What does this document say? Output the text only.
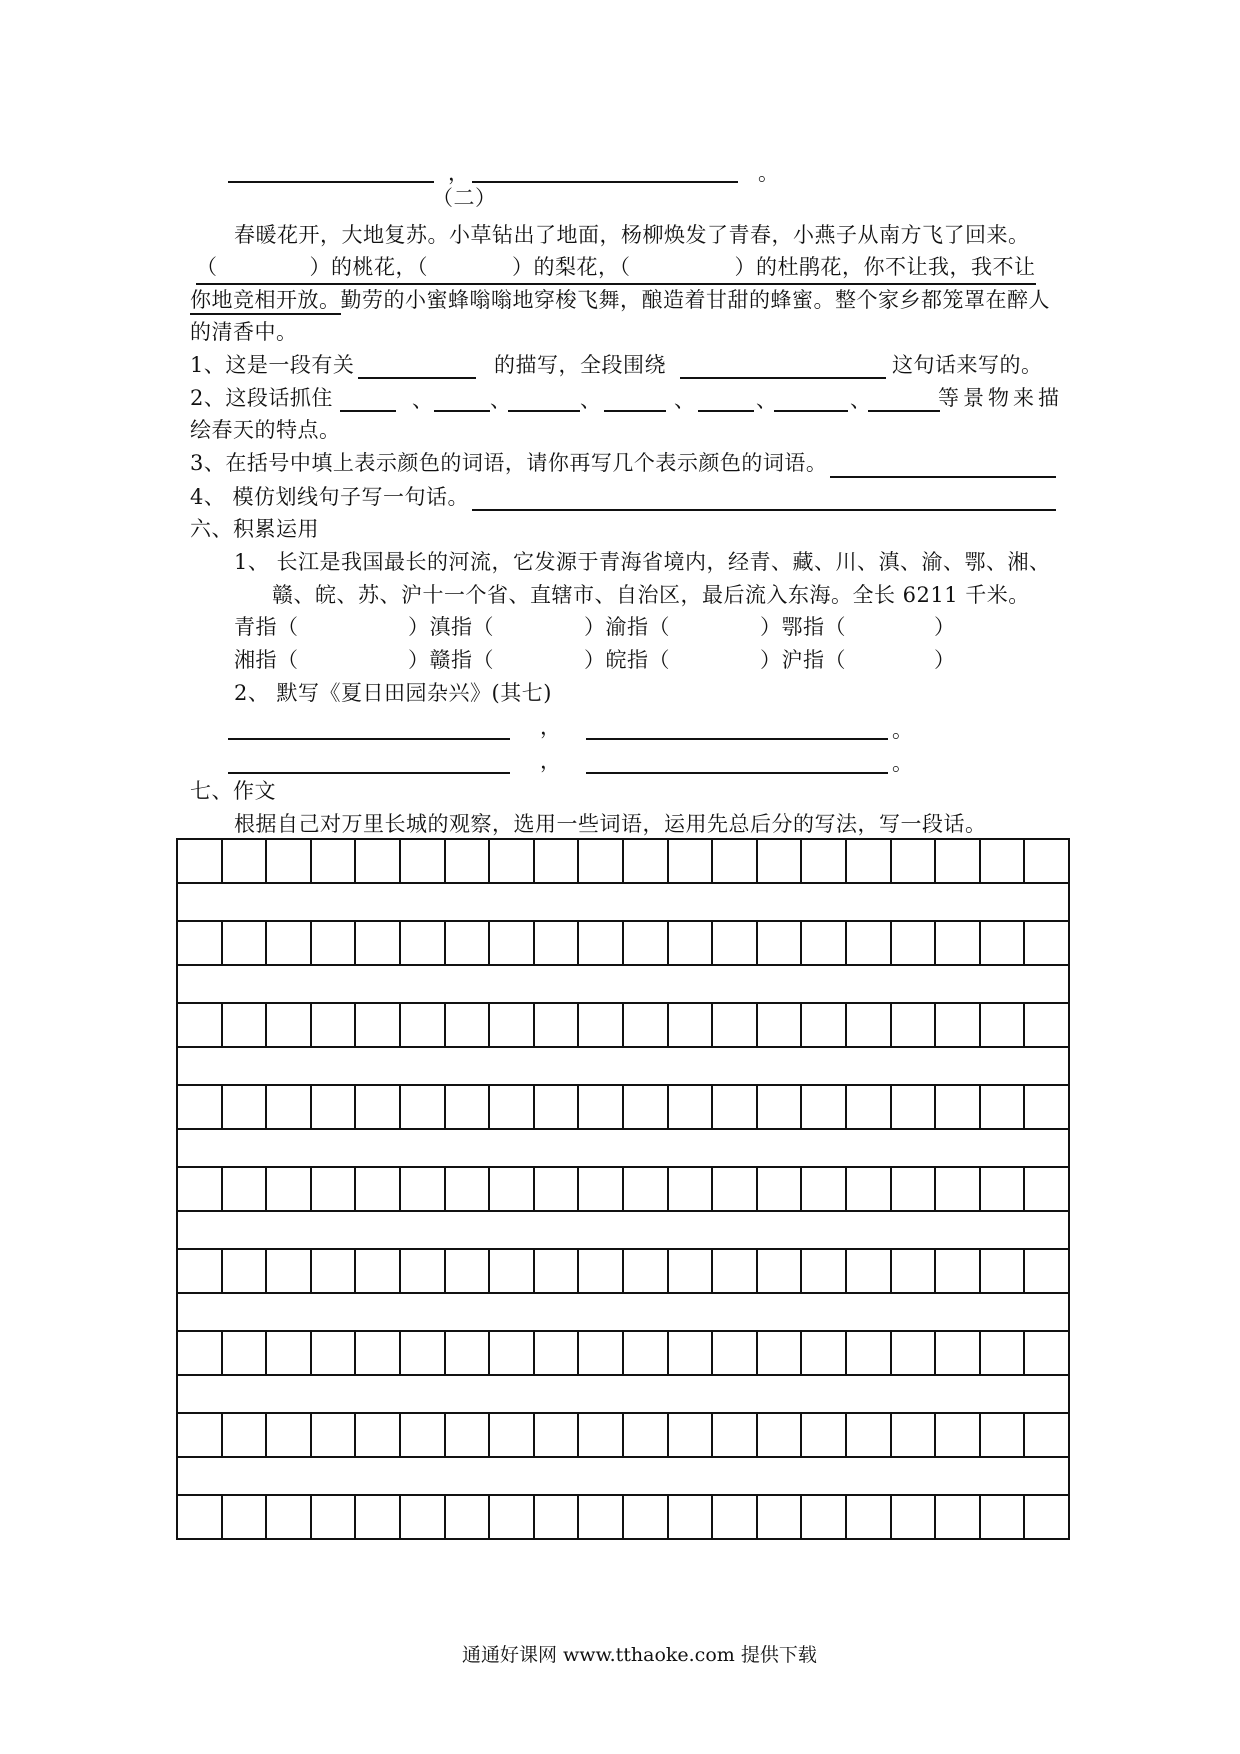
，	。
（二）
春暖花开，大地复苏。小草钻出了地面，杨柳焕发了青春，小燕子从南方飞了回来。
（	）的桃花，（	）的梨花，（	）的杜鹃花，你不让我，我不让
你地竞相开放。勤劳的小蜜蜂嗡嗡地穿梭飞舞，酿造着甘甜的蜂蜜。整个家乡都笼罩在醉人
的清香中。
1、这是一段有关	的描写，全段围绕	这句话来写的。
2、这段话抓住	、	、	、	、	、	、	等景物来描
绘春天的特点。
3、在括号中填上表示颜色的词语，请你再写几个表示颜色的词语。
4、 模仿划线句子写一句话。
六、积累运用
1、 长江是我国最长的河流，它发源于青海省境内，经青、藏、川、滇、渝、鄂、湘、
赣、皖、苏、沪十一个省、直辖市、自治区，最后流入东海。全长 6211 千米。
青指（	）滇指（	）渝指（	）鄂指（	）
湘指（	）赣指（	）皖指（	）沪指（	）
2、 默写《夏日田园杂兴》(其七)
，	。
，	。
七、作文
根据自己对万里长城的观察，选用一些词语，运用先总后分的写法，写一段话。
通通好课网 www.tthaoke.com 提供下载
